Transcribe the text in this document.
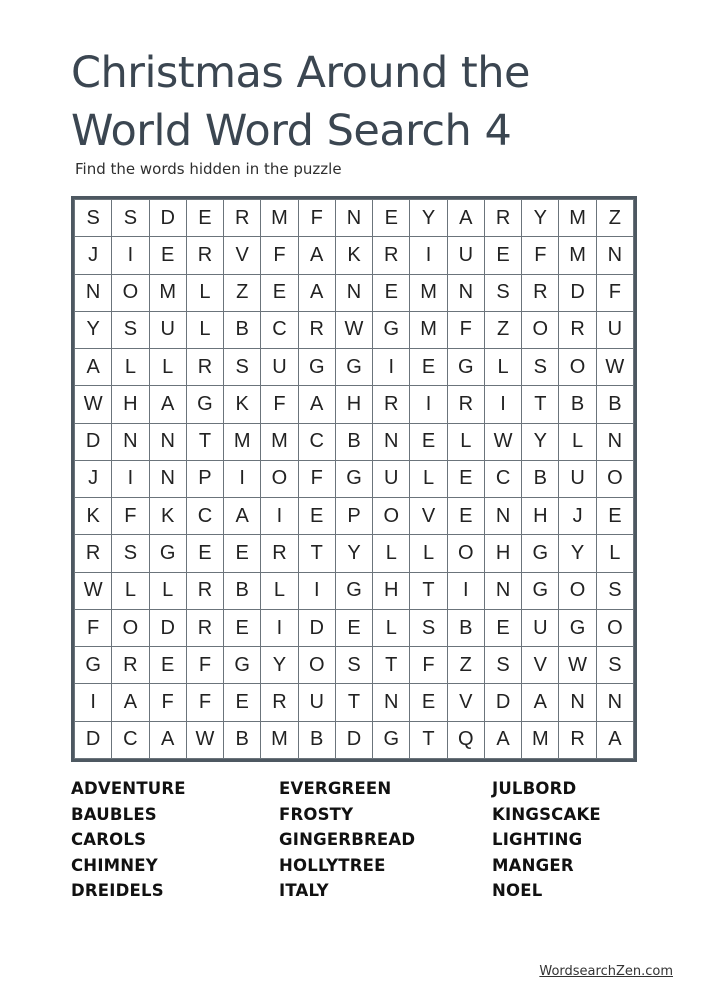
Christmas Around the
World Word Search 4
Find the words hidden in the puzzle
S	S	D	E	R	M	F	N	E	Y	A	R	Y	M	Z
J	I	E	R	V	F	A	K	R	I	U	E	F	M	N
N	O	M	L	Z	E	A	N	E	M	N	S	R	D	F
Y	S	U	L	B	C	R	W	G	M	F	Z	O	R	U
A	L	L	R	S	U	G	G	I	E	G	L	S	O	W
W	H	A	G	K	F	A	H	R	I	R	I	T	B	B
D	N	N	T	M	M	C	B	N	E	L	W	Y	L	N
J	I	N	P	I	O	F	G	U	L	E	C	B	U	O
K	F	K	C	A	I	E	P	O	V	E	N	H	J	E
R	S	G	E	E	R	T	Y	L	L	O	H	G	Y	L
W	L	L	R	B	L	I	G	H	T	I	N	G	O	S
F	O	D	R	E	I	D	E	L	S	B	E	U	G	O
G	R	E	F	G	Y	O	S	T	F	Z	S	V	W	S
I	A	F	F	E	R	U	T	N	E	V	D	A	N	N
D	C	A	W	B	M	B	D	G	T	Q	A	M	R	A
ADVENTURE
BAUBLES
CAROLS
CHIMNEY
DREIDELS
EVERGREEN
FROSTY
GINGERBREAD
HOLLYTREE
ITALY
JULBORD
KINGSCAKE
LIGHTING
MANGER
NOEL
WordsearchZen.com
